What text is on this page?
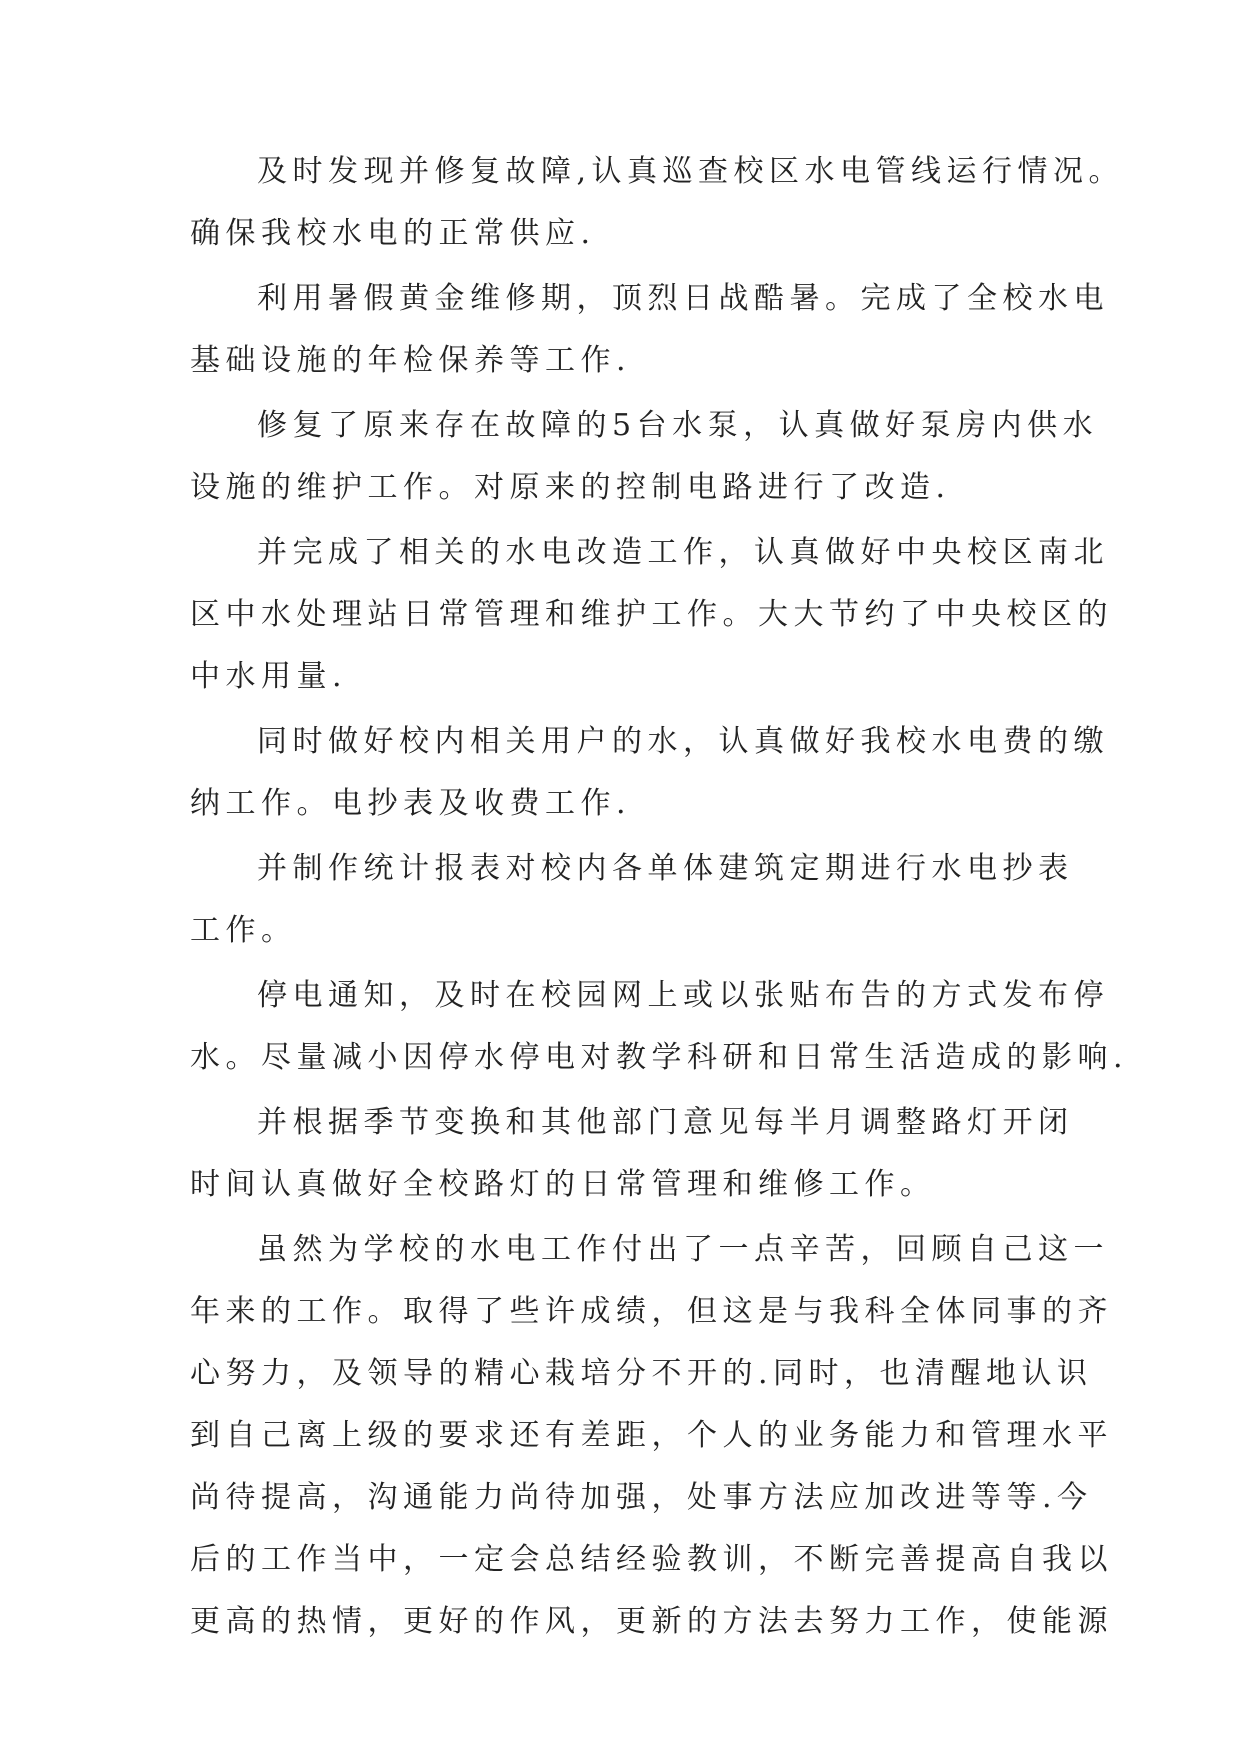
及时发现并修复故障,认真巡查校区水电管线运行情况。
确保我校水电的正常供应.
利用暑假黄金维修期，顶烈日战酷暑。完成了全校水电
基础设施的年检保养等工作.
修复了原来存在故障的5台水泵，认真做好泵房内供水
设施的维护工作。对原来的控制电路进行了改造.
并完成了相关的水电改造工作，认真做好中央校区南北
区中水处理站日常管理和维护工作。大大节约了中央校区的
中水用量.
同时做好校内相关用户的水，认真做好我校水电费的缴
纳工作。电抄表及收费工作.
并制作统计报表对校内各单体建筑定期进行水电抄表
工作。
停电通知，及时在校园网上或以张贴布告的方式发布停
水。尽量减小因停水停电对教学科研和日常生活造成的影响.
并根据季节变换和其他部门意见每半月调整路灯开闭
时间认真做好全校路灯的日常管理和维修工作。
虽然为学校的水电工作付出了一点辛苦，回顾自己这一
年来的工作。取得了些许成绩，但这是与我科全体同事的齐
心努力，及领导的精心栽培分不开的.同时，也清醒地认识
到自己离上级的要求还有差距，个人的业务能力和管理水平
尚待提高，沟通能力尚待加强，处事方法应加改进等等.今
后的工作当中，一定会总结经验教训，不断完善提高自我以
更高的热情，更好的作风，更新的方法去努力工作，使能源
